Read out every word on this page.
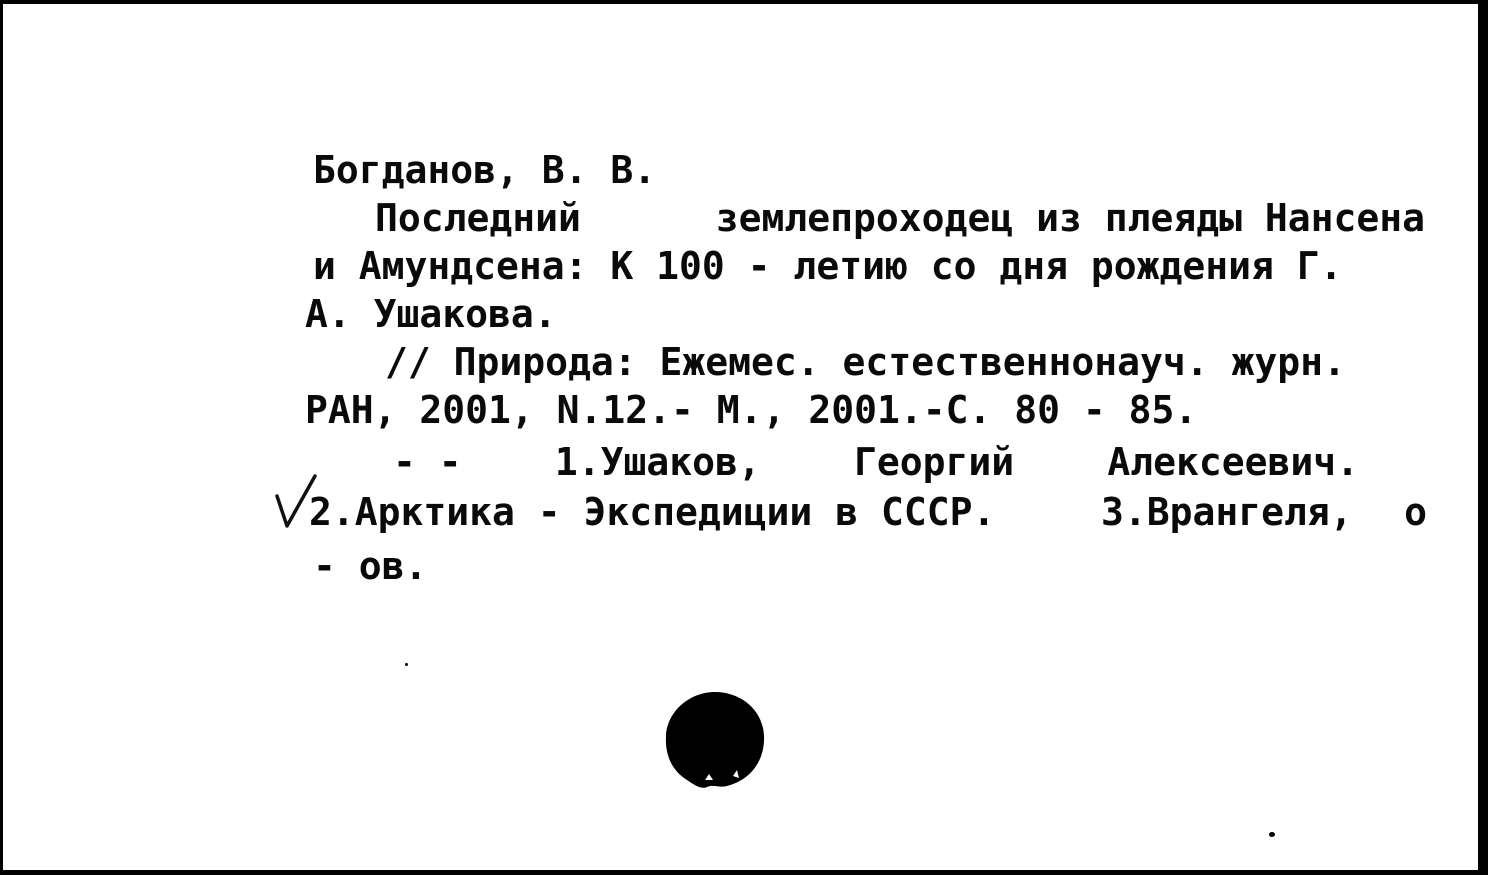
Богданов, В. В.
Последний	землепроходец из плеяды Нансена
и Амундсена: К 100 - летию со дня рождения Г.
А. Ушакова.
// Природа: Ежемес. естественнонауч. журн.
РАН, 2001, N.12.- М., 2001.-С. 80 - 85.
- - 1.Ушаков, Георгий Алексеевич.
2.Арктика - Экспедиции в СССР.	3.Врангеля, о
- ов.
